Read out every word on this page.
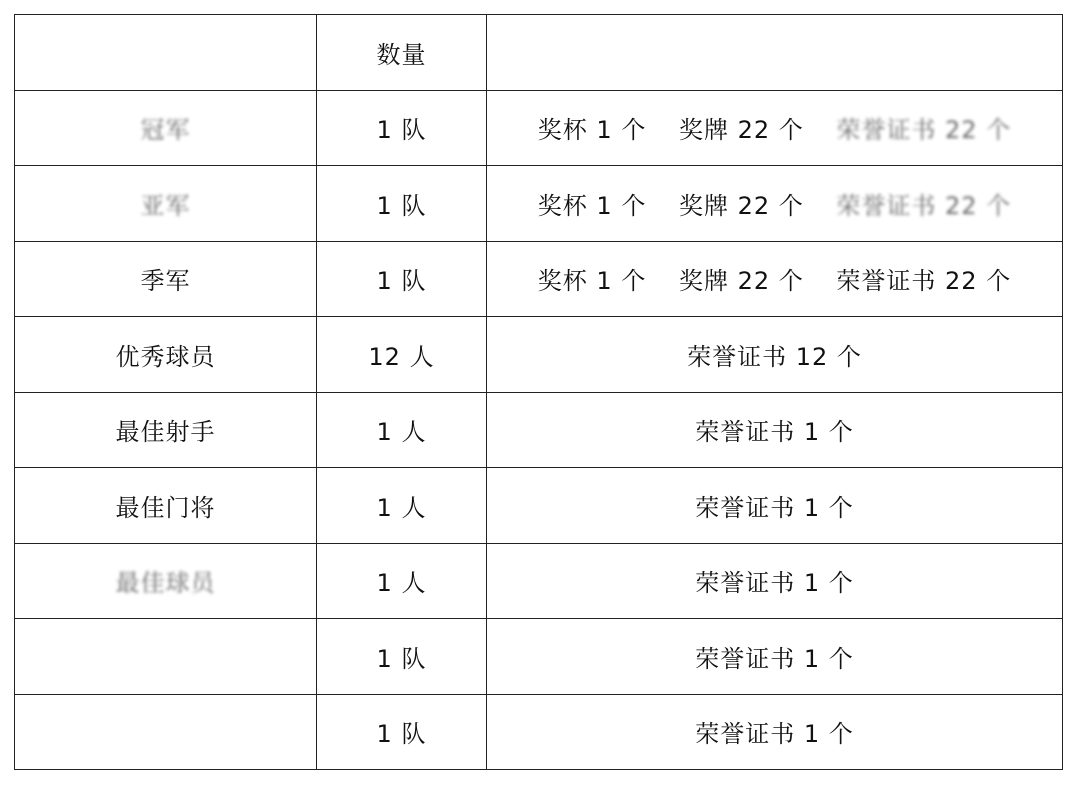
	数量	
冠军	1 队	奖杯 1 个 奖牌 22 个 荣誉证书 22 个
亚军	1 队	奖杯 1 个 奖牌 22 个 荣誉证书 22 个
季军	1 队	奖杯 1 个 奖牌 22 个 荣誉证书 22 个
优秀球员	12 人	荣誉证书 12 个
最佳射手	1 人	荣誉证书 1 个
最佳门将	1 人	荣誉证书 1 个
最佳球员	1 人	荣誉证书 1 个
	1 队	荣誉证书 1 个
	1 队	荣誉证书 1 个
